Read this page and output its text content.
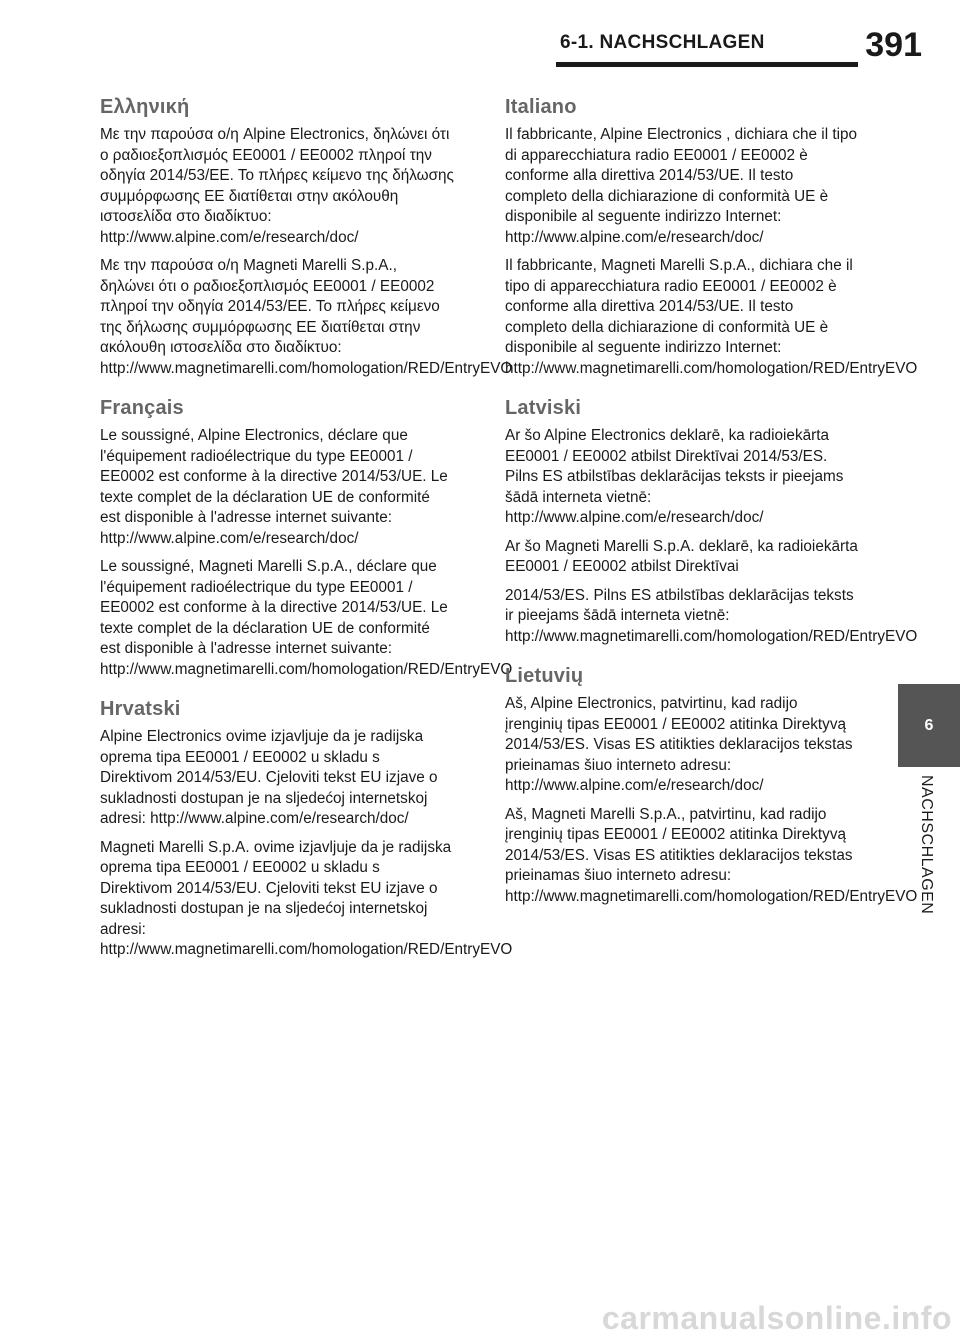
6-1. NACHSCHLAGEN	391
Ελληνική

Με την παρούσα ο/η Alpine Electronics, δηλώνει ότι ο ραδιοεξοπλισμός EE0001 / EE0002 πληροί την οδηγία 2014/53/ΕΕ. Το πλήρες κείμενο της δήλωσης συμμόρφωσης ΕΕ διατίθεται στην ακόλουθη ιστοσελίδα στο διαδίκτυο: http://www.alpine.com/e/research/doc/

Με την παρούσα ο/η Magneti Marelli S.p.A., δηλώνει ότι ο ραδιοεξοπλισμός EE0001 / EE0002 πληροί την οδηγία 2014/53/ΕΕ. Το πλήρες κείμενο της δήλωσης συμμόρφωσης ΕΕ διατίθεται στην ακόλουθη ιστοσελίδα στο διαδίκτυο: http://www.magnetimarelli.com/homologation/RED/EntryEVO

Français

Le soussigné, Alpine Electronics, déclare que l'équipement radioélectrique du type EE0001 / EE0002 est conforme à la directive 2014/53/UE. Le texte complet de la déclaration UE de conformité est disponible à l'adresse internet suivante: http://www.alpine.com/e/research/doc/

Le soussigné, Magneti Marelli S.p.A., déclare que l'équipement radioélectrique du type EE0001 / EE0002 est conforme à la directive 2014/53/UE. Le texte complet de la déclaration UE de conformité est disponible à l'adresse internet suivante: http://www.magnetimarelli.com/homologation/RED/EntryEVO

Hrvatski

Alpine Electronics ovime izjavljuje da je radijska oprema tipa EE0001 / EE0002 u skladu s Direktivom 2014/53/EU. Cjeloviti tekst EU izjave o sukladnosti dostupan je na sljedećoj internetskoj adresi: http://www.alpine.com/e/research/doc/

Magneti Marelli S.p.A. ovime izjavljuje da je radijska oprema tipa EE0001 / EE0002 u skladu s Direktivom 2014/53/EU. Cjeloviti tekst EU izjave o sukladnosti dostupan je na sljedećoj internetskoj adresi: http://www.magnetimarelli.com/homologation/RED/EntryEVO

Italiano

Il fabbricante, Alpine Electronics , dichiara che il tipo di apparecchiatura radio EE0001 / EE0002 è conforme alla direttiva 2014/53/UE. Il testo completo della dichiarazione di conformità UE è disponibile al seguente indirizzo Internet: http://www.alpine.com/e/research/doc/

Il fabbricante, Magneti Marelli S.p.A., dichiara che il tipo di apparecchiatura radio EE0001 / EE0002 è conforme alla direttiva 2014/53/UE. Il testo completo della dichiarazione di conformità UE è disponibile al seguente indirizzo Internet: http://www.magnetimarelli.com/homologation/RED/EntryEVO

Latviski

Ar šo Alpine Electronics deklarē, ka radioiekārta EE0001 / EE0002 atbilst Direktīvai 2014/53/ES. Pilns ES atbilstības deklarācijas teksts ir pieejams šādā interneta vietnē: http://www.alpine.com/e/research/doc/

Ar šo Magneti Marelli S.p.A. deklarē, ka radioiekārta EE0001 / EE0002 atbilst Direktīvai

2014/53/ES. Pilns ES atbilstības deklarācijas teksts ir pieejams šādā interneta vietnē: http://www.magnetimarelli.com/homologation/RED/EntryEVO

Lietuvių

Aš, Alpine Electronics, patvirtinu, kad radijo įrenginių tipas EE0001 / EE0002 atitinka Direktyvą 2014/53/ES. Visas ES atitikties deklaracijos tekstas prieinamas šiuo interneto adresu: http://www.alpine.com/e/research/doc/

Aš, Magneti Marelli S.p.A., patvirtinu, kad radijo įrenginių tipas EE0001 / EE0002 atitinka Direktyvą 2014/53/ES. Visas ES atitikties deklaracijos tekstas prieinamas šiuo interneto adresu: http://www.magnetimarelli.com/homologation/RED/EntryEVO

6
NACHSCHLAGEN
carmanualsonline.info
